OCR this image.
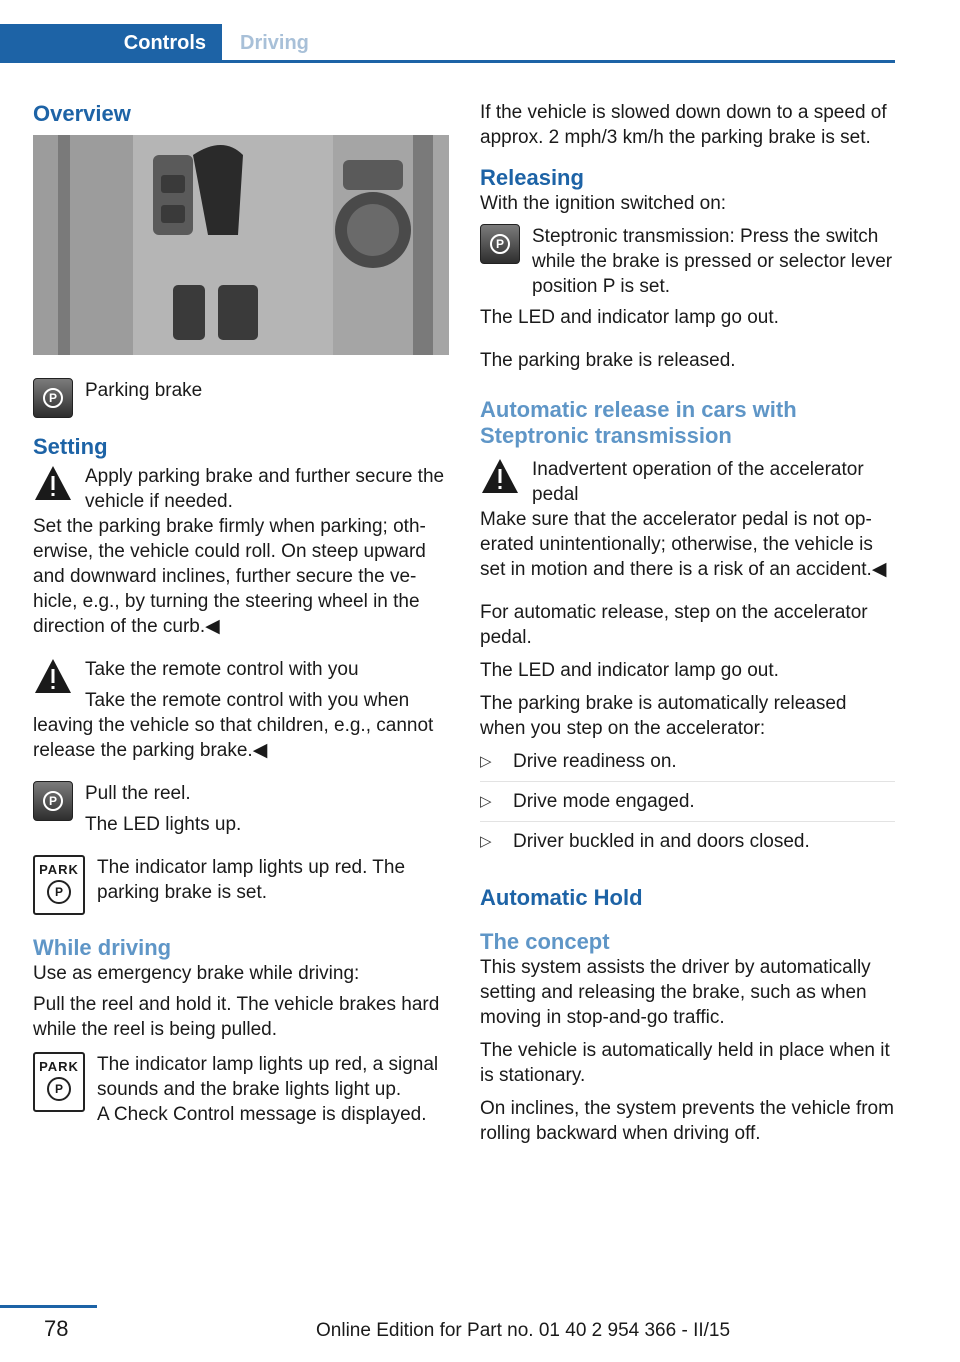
Controls	Driving
Overview
P	Parking brake

Setting

Apply parking brake and further secure the vehicle if needed.

Set the parking brake firmly when parking; otherwise, the vehicle could roll. On steep upward and downward inclines, further secure the vehicle, e.g., by turning the steering wheel in the direction of the curb.◀

Take the remote control with you

Take the remote control with you when leaving the vehicle so that children, e.g., cannot release the parking brake.◀

P	Pull the reel.

The LED lights up.

PARK
P

The indicator lamp lights up red. The parking brake is set.

While driving

Use as emergency brake while driving:

Pull the reel and hold it. The vehicle brakes hard while the reel is being pulled.

PARK
P

The indicator lamp lights up red, a signal sounds and the brake lights light up.

A Check Control message is displayed.

If the vehicle is slowed down down to a speed of approx. 2 mph/3 km/h the parking brake is set.

Releasing

With the ignition switched on:

P	Steptronic transmission: Press the switch while the brake is pressed or selector lever position P is set.

The LED and indicator lamp go out.

The parking brake is released.

Automatic release in cars with Steptronic transmission

Inadvertent operation of the accelerator pedal

Make sure that the accelerator pedal is not operated unintentionally; otherwise, the vehicle is set in motion and there is a risk of an accident.◀

For automatic release, step on the accelerator pedal.

The LED and indicator lamp go out.

The parking brake is automatically released when you step on the accelerator:

▷	Drive readiness on.
▷	Drive mode engaged.
▷	Driver buckled in and doors closed.
Automatic Hold
The concept

This system assists the driver by automatically setting and releasing the brake, such as when moving in stop-and-go traffic.

The vehicle is automatically held in place when it is stationary.

On inclines, the system prevents the vehicle from rolling backward when driving off.

78	Online Edition for Part no. 01 40 2 954 366 - II/15
